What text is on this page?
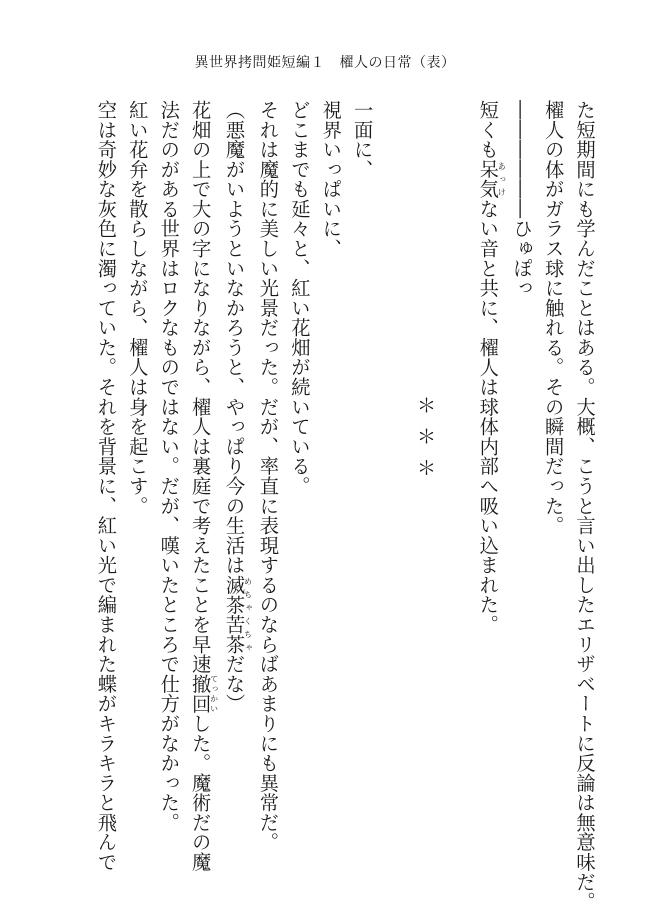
異世界拷問姫短編１　櫂人の日常（表）

た短期間にも学んだことはある。大概、こうと言い出したエリザベートに反論は無意味だ。

櫂人の体がガラス球に触れる。その瞬間だった。

――――――ひゅぽっ

短くも呆気あっけない音と共に、櫂人は球体内部へ吸い込まれた。

＊＊＊

一面に、

視界いっぱいに、

どこまでも延々と、紅い花畑が続いている。

それは魔的に美しい光景だった。だが、率直に表現するのならばあまりにも異常だ。

（悪魔がいようといなかろうと、やっぱり今の生活は滅茶苦茶めちゃくちゃだな）

花畑の上で大の字になりながら、櫂人は裏庭で考えたことを早速撤回てっかいした。魔術だの魔

法だのがある世界はロクなものではない。だが、嘆いたところで仕方がなかった。

紅い花弁を散らしながら、櫂人は身を起こす。

空は奇妙な灰色に濁っていた。それを背景に、紅い光で編まれた蝶がキラキラと飛んで
